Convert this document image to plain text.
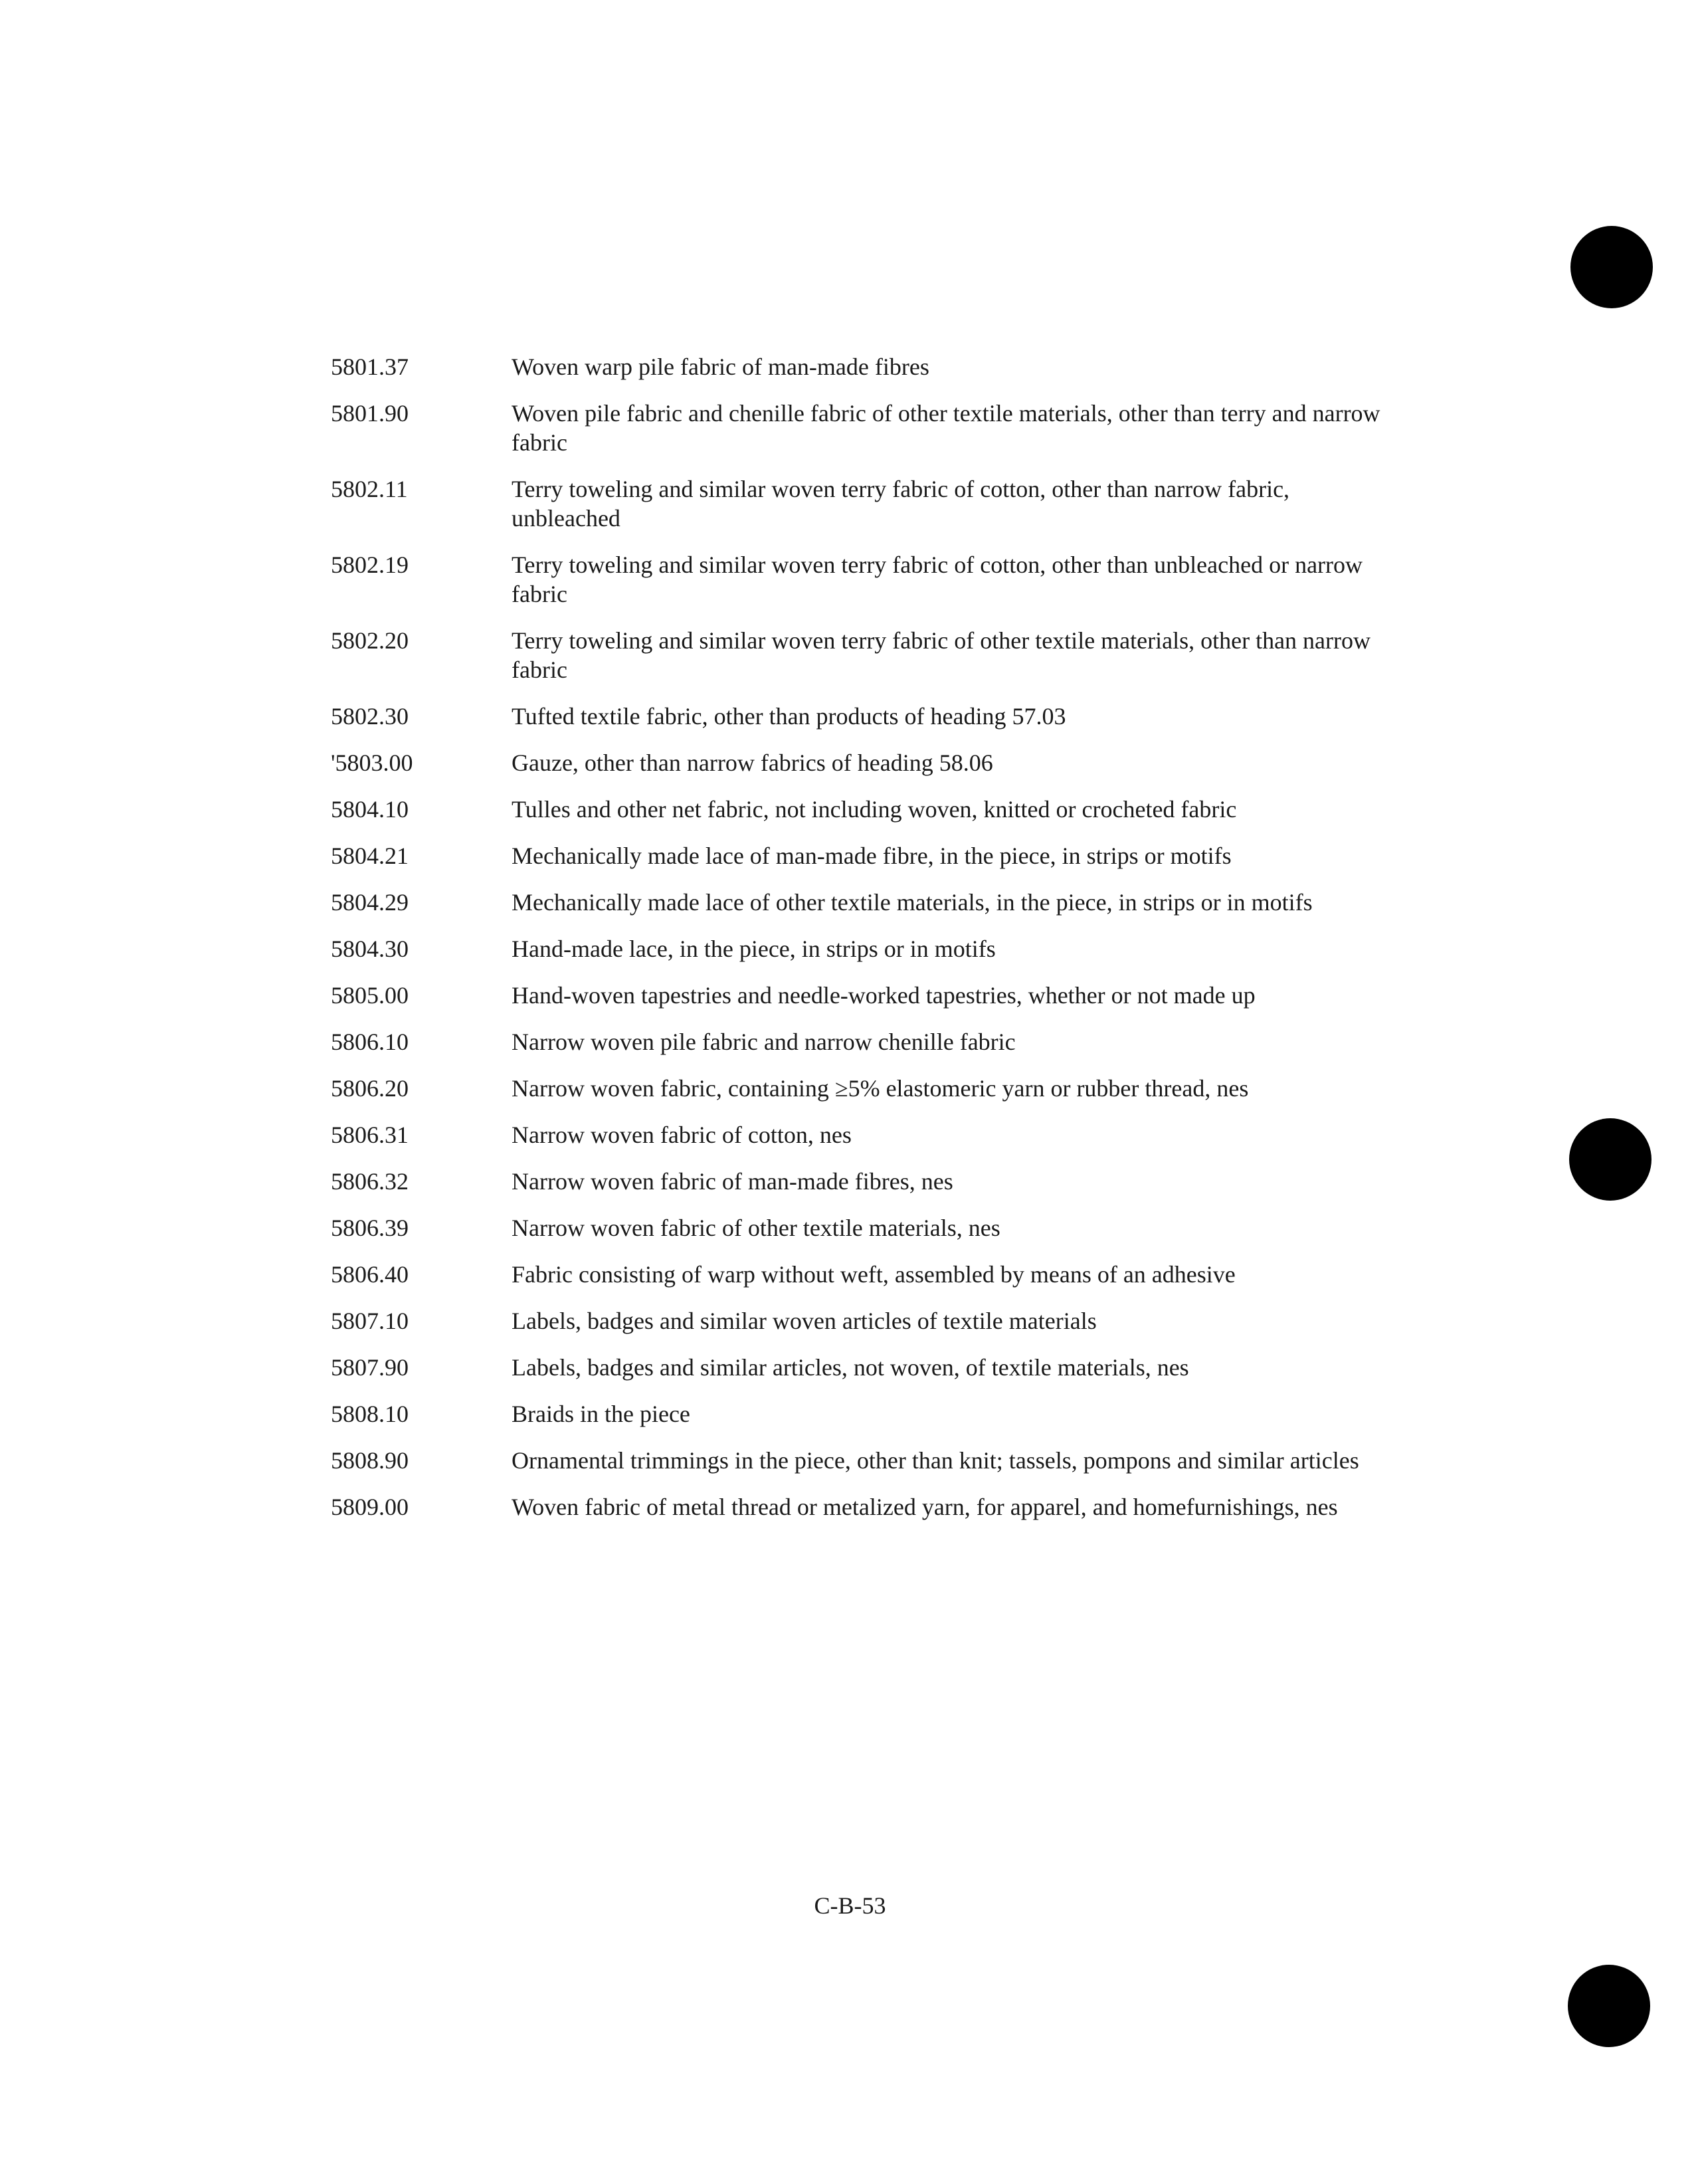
5801.37	Woven warp pile fabric of man-made fibres
5801.90	Woven pile fabric and chenille fabric of other textile materials, other than terry and narrow fabric
5802.11	Terry toweling and similar woven terry fabric of cotton, other than narrow fabric, unbleached
5802.19	Terry toweling and similar woven terry fabric of cotton, other than unbleached or narrow fabric
5802.20	Terry toweling and similar woven terry fabric of other textile materials, other than narrow fabric
5802.30	Tufted textile fabric, other than products of heading 57.03
'5803.00	Gauze, other than narrow fabrics of heading 58.06
5804.10	Tulles and other net fabric, not including woven, knitted or crocheted fabric
5804.21	Mechanically made lace of man-made fibre, in the piece, in strips or motifs
5804.29	Mechanically made lace of other textile materials, in the piece, in strips or in motifs
5804.30	Hand-made lace, in the piece, in strips or in motifs
5805.00	Hand-woven tapestries and needle-worked tapestries, whether or not made up
5806.10	Narrow woven pile fabric and narrow chenille fabric
5806.20	Narrow woven fabric, containing ≥5% elastomeric yarn or rubber thread, nes
5806.31	Narrow woven fabric of cotton, nes
5806.32	Narrow woven fabric of man-made fibres, nes
5806.39	Narrow woven fabric of other textile materials, nes
5806.40	Fabric consisting of warp without weft, assembled by means of an adhesive
5807.10	Labels, badges and similar woven articles of textile materials
5807.90	Labels, badges and similar articles, not woven, of textile materials, nes
5808.10	Braids in the piece
5808.90	Ornamental trimmings in the piece, other than knit; tassels, pompons and similar articles
5809.00	Woven fabric of metal thread or metalized yarn, for apparel, and homefurnishings, nes
C-B-53
